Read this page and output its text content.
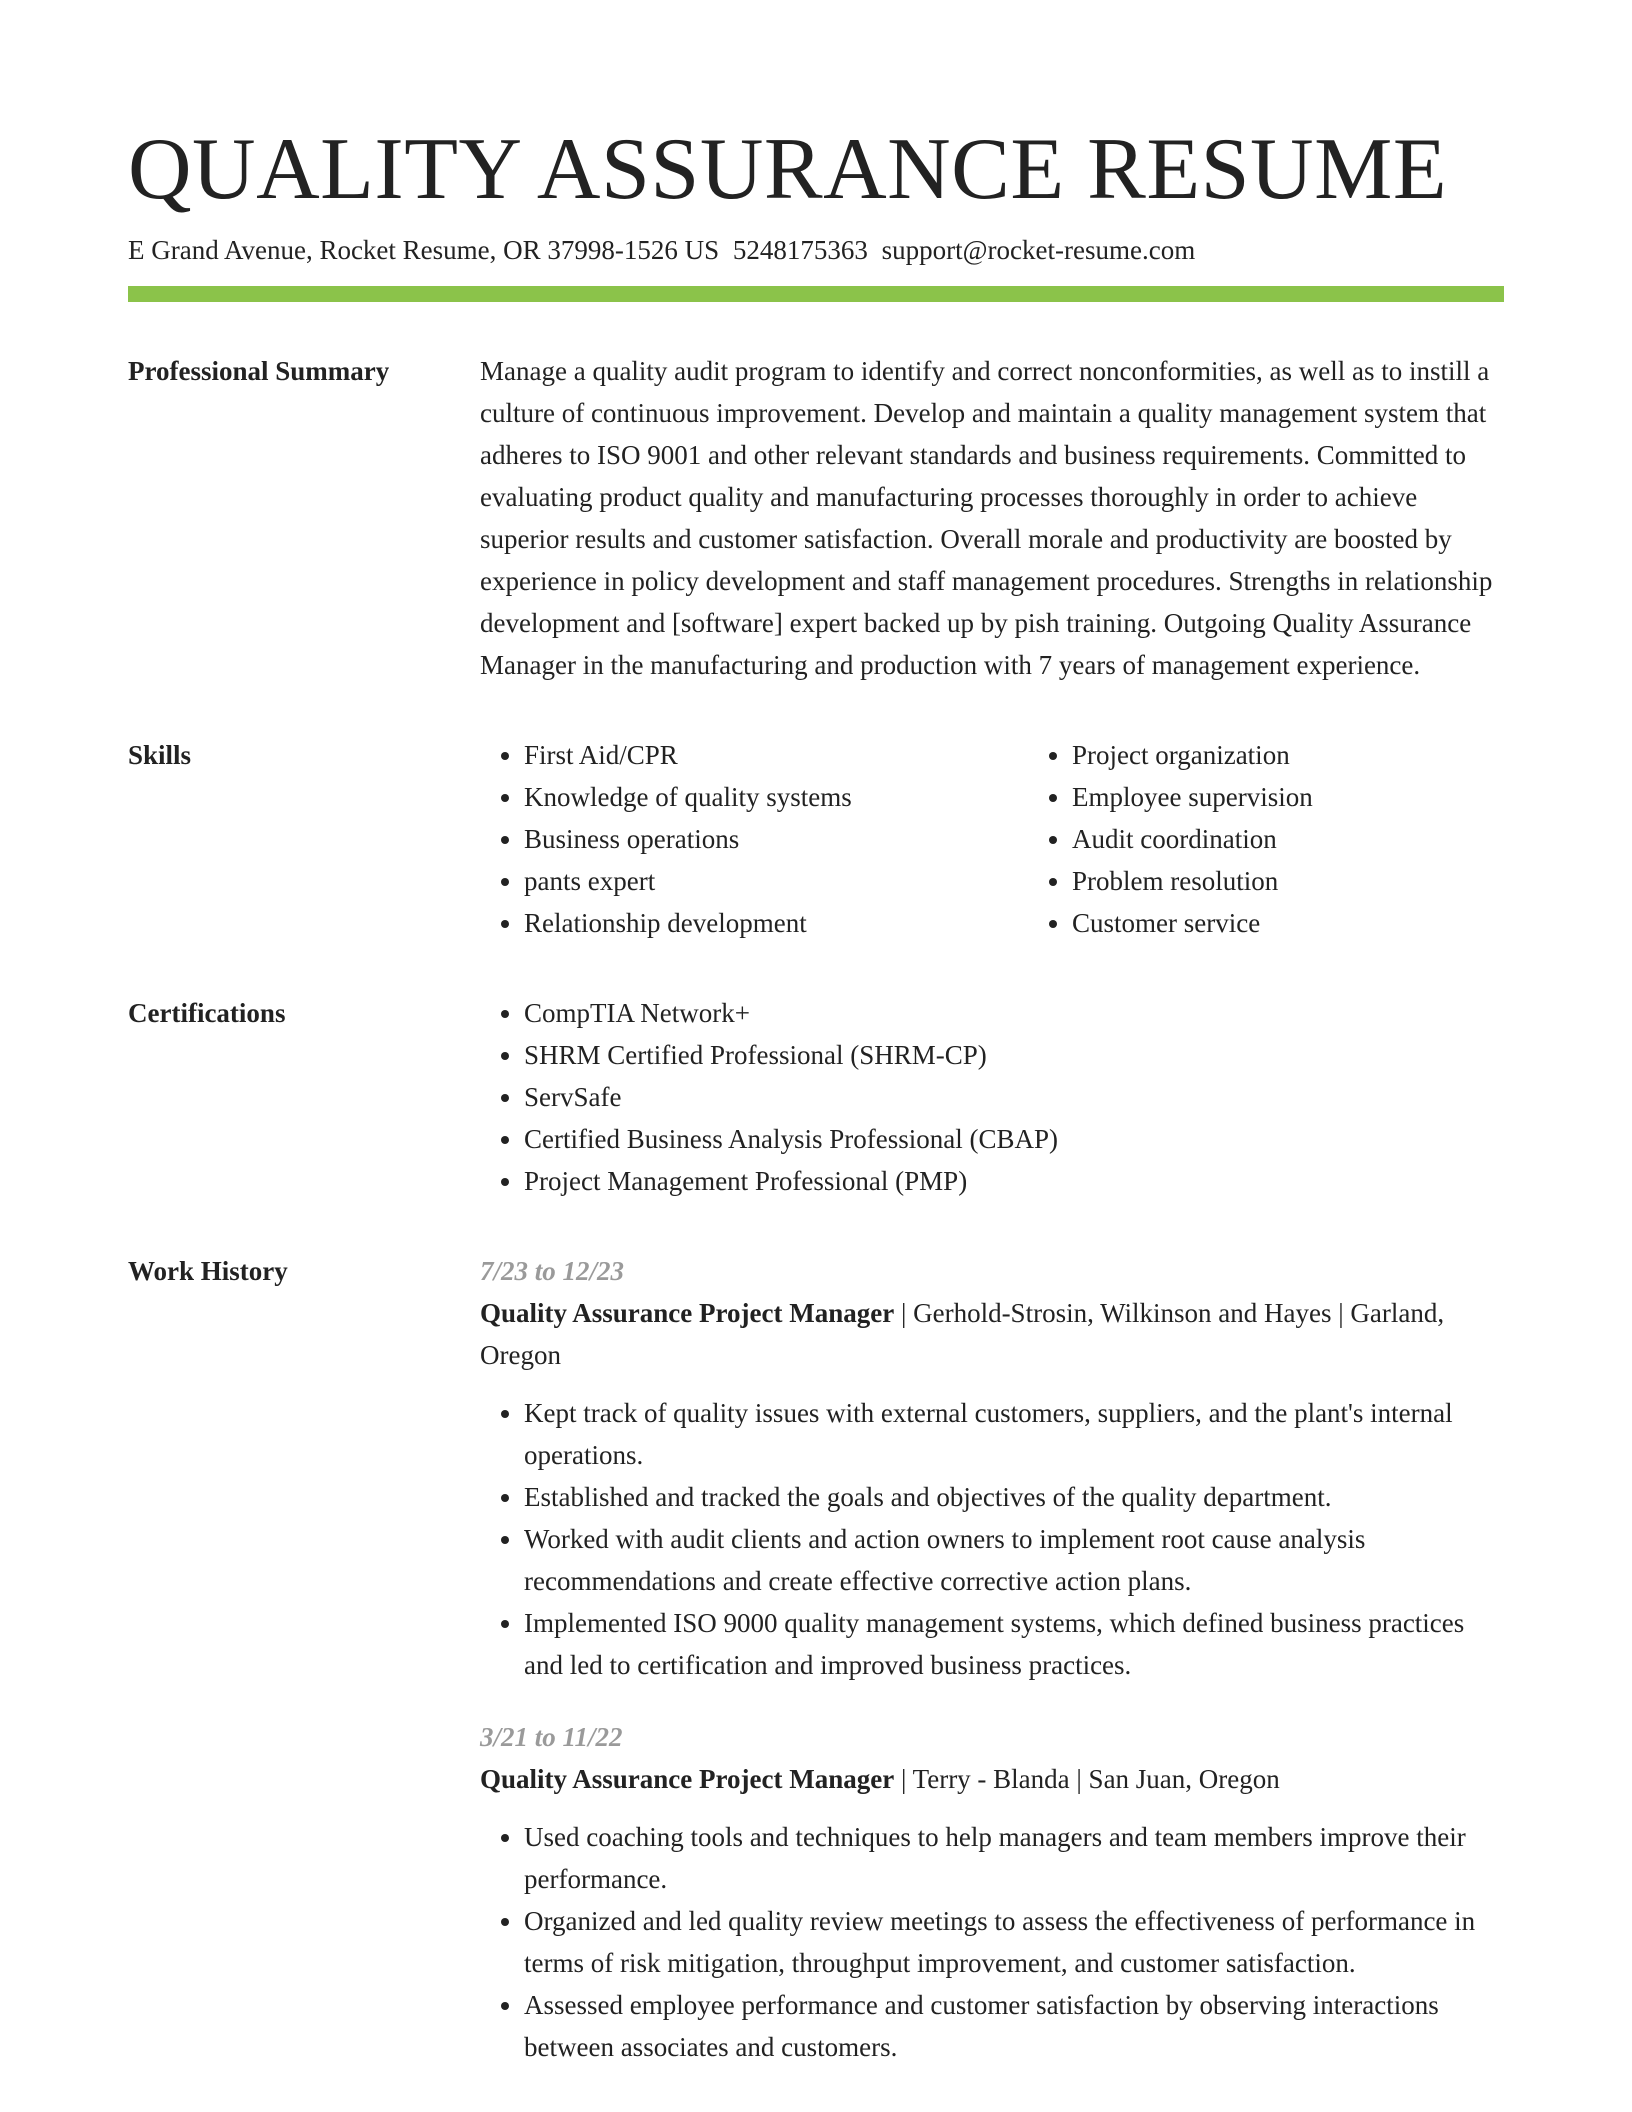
QUALITY ASSURANCE RESUME
E Grand Avenue, Rocket Resume, OR 37998-1526 US 5248175363 support@rocket-resume.com
Professional Summary	Manage a quality audit program to identify and correct nonconformities, as well as to instill a culture of continuous improvement. Develop and maintain a quality management system that adheres to ISO 9001 and other relevant standards and business requirements. Committed to evaluating product quality and manufacturing processes thoroughly in order to achieve superior results and customer satisfaction. Overall morale and productivity are boosted by experience in policy development and staff management procedures. Strengths in relationship development and [software] expert backed up by pish training. Outgoing Quality Assurance Manager in the manufacturing and production with 7 years of management experience.

Skills	• First Aid/CPR
• Knowledge of quality systems
• Business operations
• pants expert
• Relationship development
• Project organization
• Employee supervision
• Audit coordination
• Problem resolution
• Customer service
Certifications	• CompTIA Network+
• SHRM Certified Professional (SHRM-CP)
• ServSafe
• Certified Business Analysis Professional (CBAP)
• Project Management Professional (PMP)
Work History	7/23 to 12/23
Quality Assurance Project Manager | Gerhold-Strosin, Wilkinson and Hayes | Garland, Oregon
• Kept track of quality issues with external customers, suppliers, and the plant's internal operations.
• Established and tracked the goals and objectives of the quality department.
• Worked with audit clients and action owners to implement root cause analysis recommendations and create effective corrective action plans.
• Implemented ISO 9000 quality management systems, which defined business practices and led to certification and improved business practices.
3/21 to 11/22
Quality Assurance Project Manager | Terry - Blanda | San Juan, Oregon
• Used coaching tools and techniques to help managers and team members improve their performance.
• Organized and led quality review meetings to assess the effectiveness of performance in terms of risk mitigation, throughput improvement, and customer satisfaction.
• Assessed employee performance and customer satisfaction by observing interactions between associates and customers.
